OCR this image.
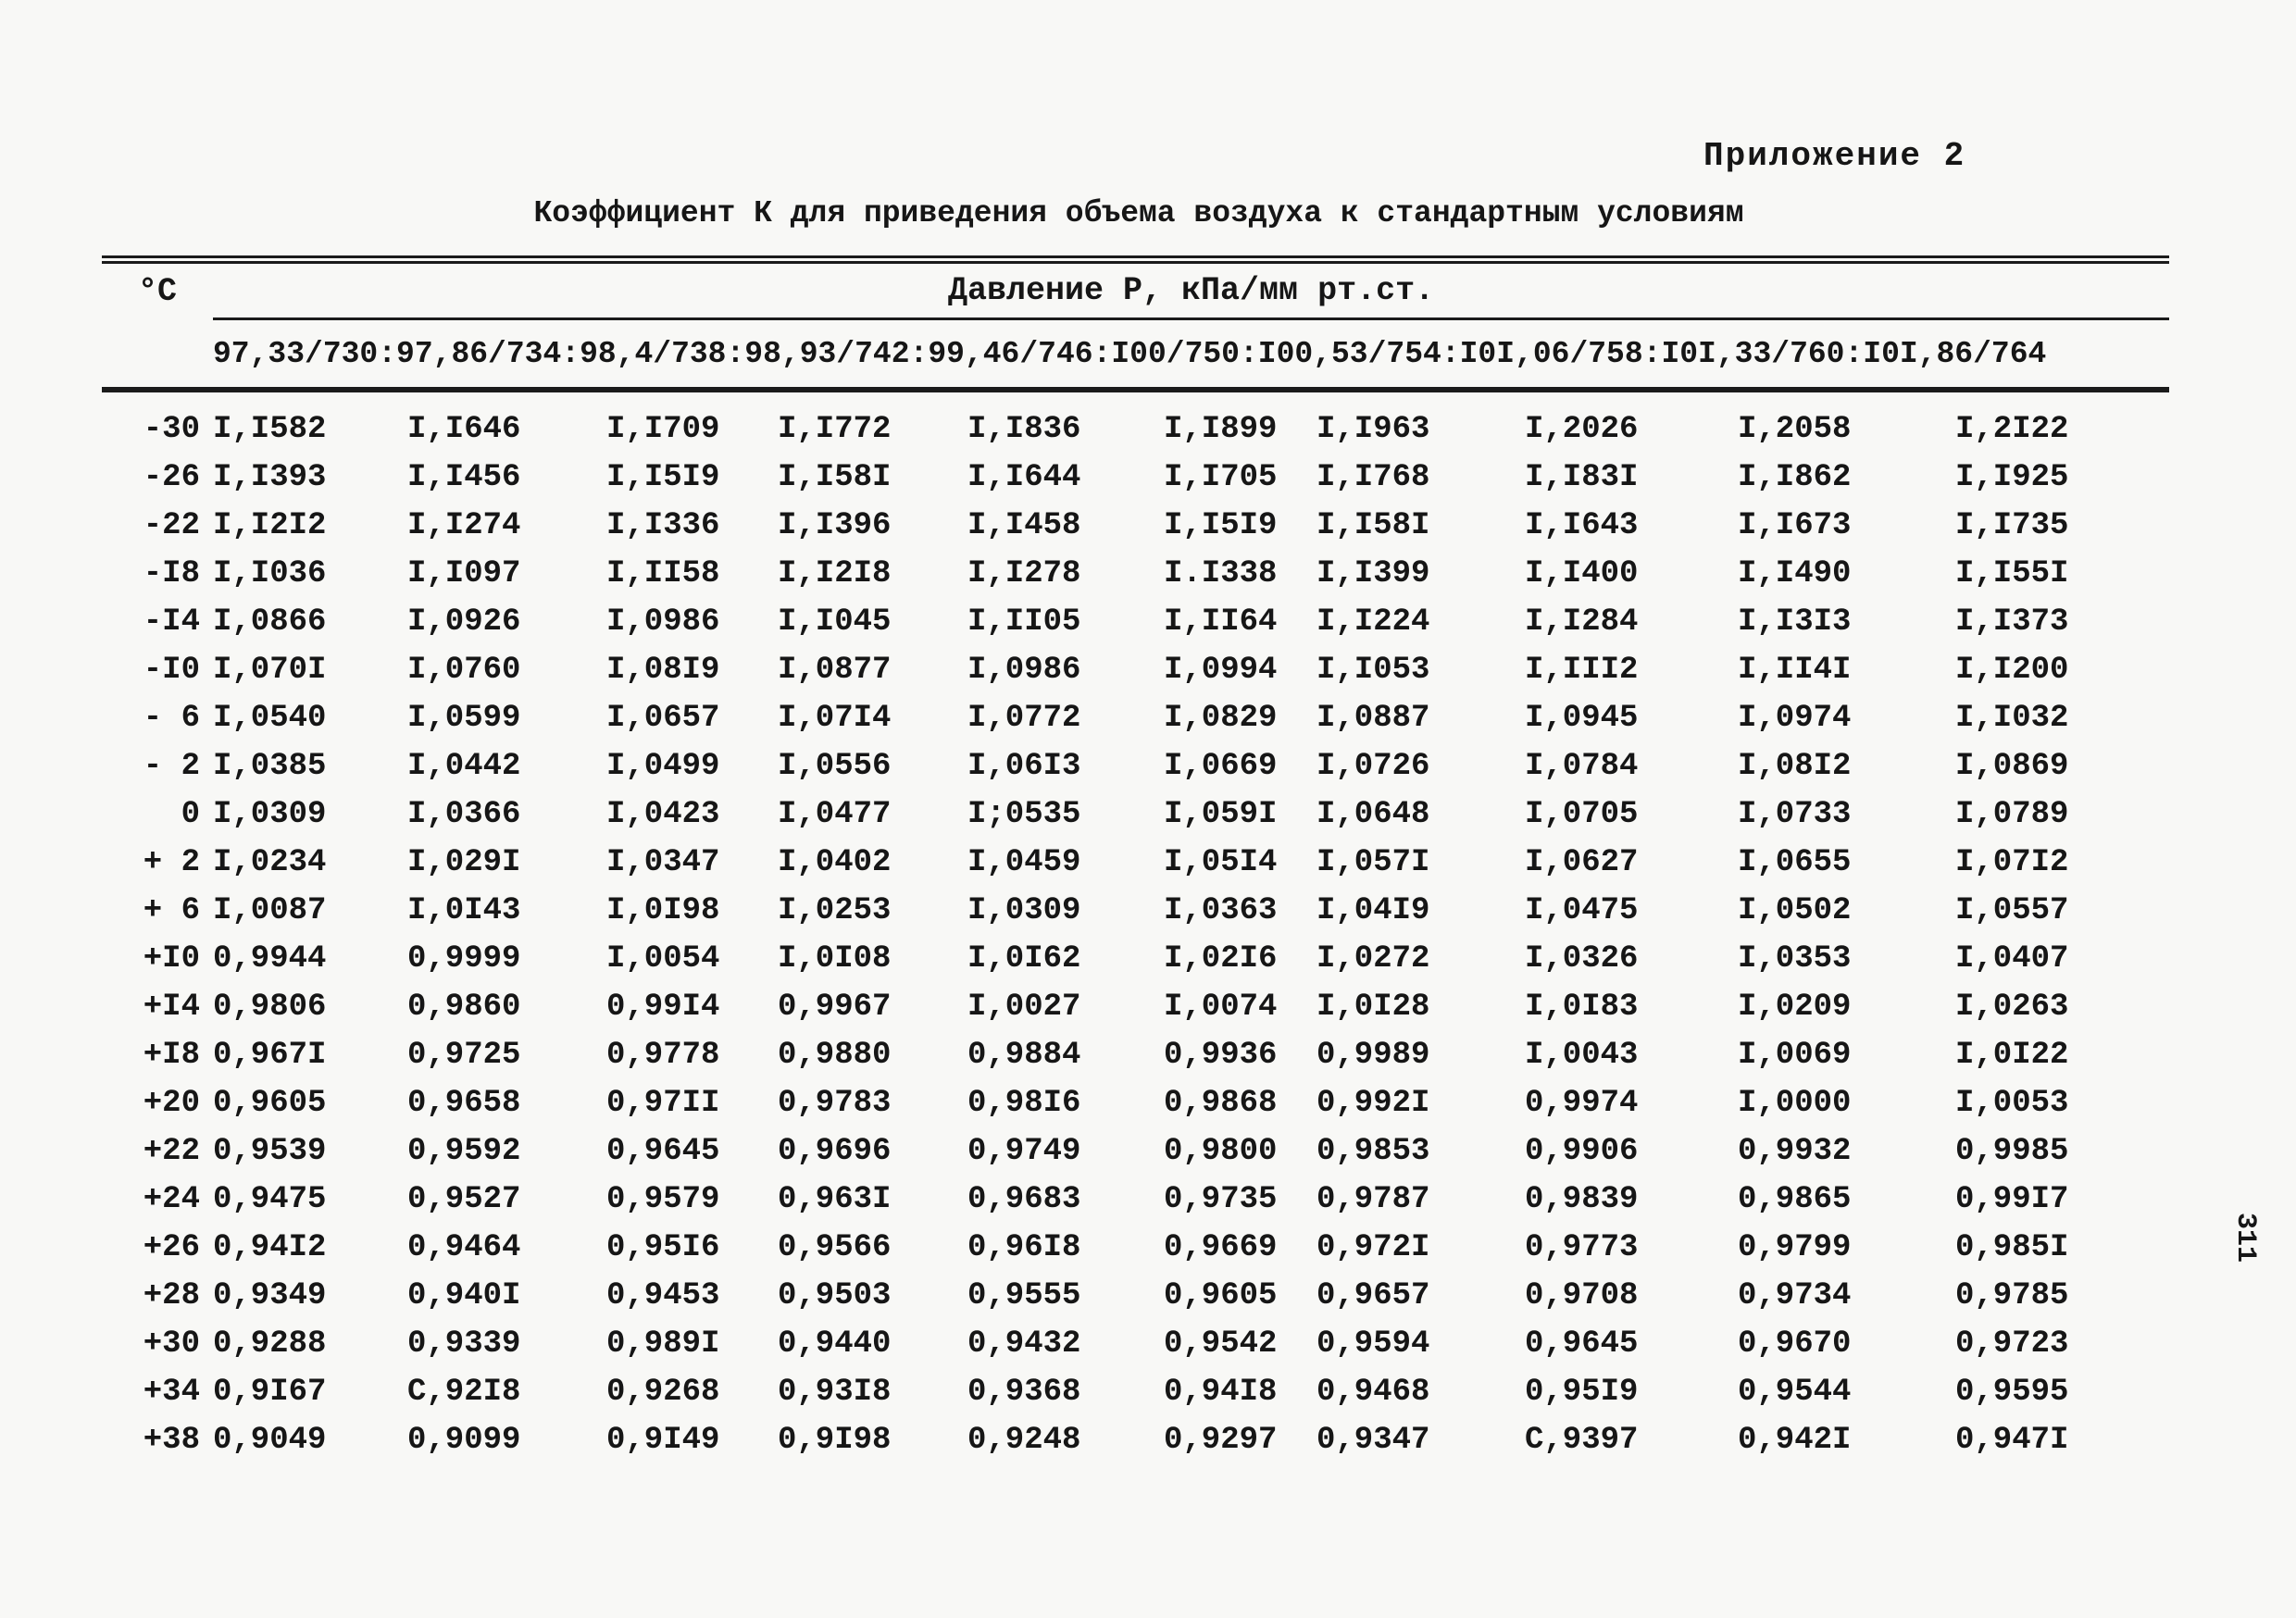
Приложение 2
Коэффициент К для приведения объема воздуха к стандартным условиям
°С	Давление Р, кПа/мм рт.ст.									
	97,33/730:97,86/734:98,4/738:98,93/742:99,46/746:I00/750:I00,53/754:I0I,06/758:I0I,33/760:I0I,86/764									
-30	I,I582	I,I646	I,I709	I,I772	I,I836	I,I899	I,I963	I,2026	I,2058	I,2I22
-26	I,I393	I,I456	I,I5I9	I,I58I	I,I644	I,I705	I,I768	I,I83I	I,I862	I,I925
-22	I,I2I2	I,I274	I,I336	I,I396	I,I458	I,I5I9	I,I58I	I,I643	I,I673	I,I735
-I8	I,I036	I,I097	I,II58	I,I2I8	I,I278	I.I338	I,I399	I,I400	I,I490	I,I55I
-I4	I,0866	I,0926	I,0986	I,I045	I,II05	I,II64	I,I224	I,I284	I,I3I3	I,I373
-I0	I,070I	I,0760	I,08I9	I,0877	I,0986	I,0994	I,I053	I,III2	I,II4I	I,I200
- 6	I,0540	I,0599	I,0657	I,07I4	I,0772	I,0829	I,0887	I,0945	I,0974	I,I032
- 2	I,0385	I,0442	I,0499	I,0556	I,06I3	I,0669	I,0726	I,0784	I,08I2	I,0869
0	I,0309	I,0366	I,0423	I,0477	I;0535	I,059I	I,0648	I,0705	I,0733	I,0789
+ 2	I,0234	I,029I	I,0347	I,0402	I,0459	I,05I4	I,057I	I,0627	I,0655	I,07I2
+ 6	I,0087	I,0I43	I,0I98	I,0253	I,0309	I,0363	I,04I9	I,0475	I,0502	I,0557
+I0	0,9944	0,9999	I,0054	I,0I08	I,0I62	I,02I6	I,0272	I,0326	I,0353	I,0407
+I4	0,9806	0,9860	0,99I4	0,9967	I,0027	I,0074	I,0I28	I,0I83	I,0209	I,0263
+I8	0,967I	0,9725	0,9778	0,9880	0,9884	0,9936	0,9989	I,0043	I,0069	I,0I22
+20	0,9605	0,9658	0,97II	0,9783	0,98I6	0,9868	0,992I	0,9974	I,0000	I,0053
+22	0,9539	0,9592	0,9645	0,9696	0,9749	0,9800	0,9853	0,9906	0,9932	0,9985
+24	0,9475	0,9527	0,9579	0,963I	0,9683	0,9735	0,9787	0,9839	0,9865	0,99I7
+26	0,94I2	0,9464	0,95I6	0,9566	0,96I8	0,9669	0,972I	0,9773	0,9799	0,985I
+28	0,9349	0,940I	0,9453	0,9503	0,9555	0,9605	0,9657	0,9708	0,9734	0,9785
+30	0,9288	0,9339	0,989I	0,9440	0,9432	0,9542	0,9594	0,9645	0,9670	0,9723
+34	0,9I67	C,92I8	0,9268	0,93I8	0,9368	0,94I8	0,9468	0,95I9	0,9544	0,9595
+38	0,9049	0,9099	0,9I49	0,9I98	0,9248	0,9297	0,9347	C,9397	0,942I	0,947I
311
